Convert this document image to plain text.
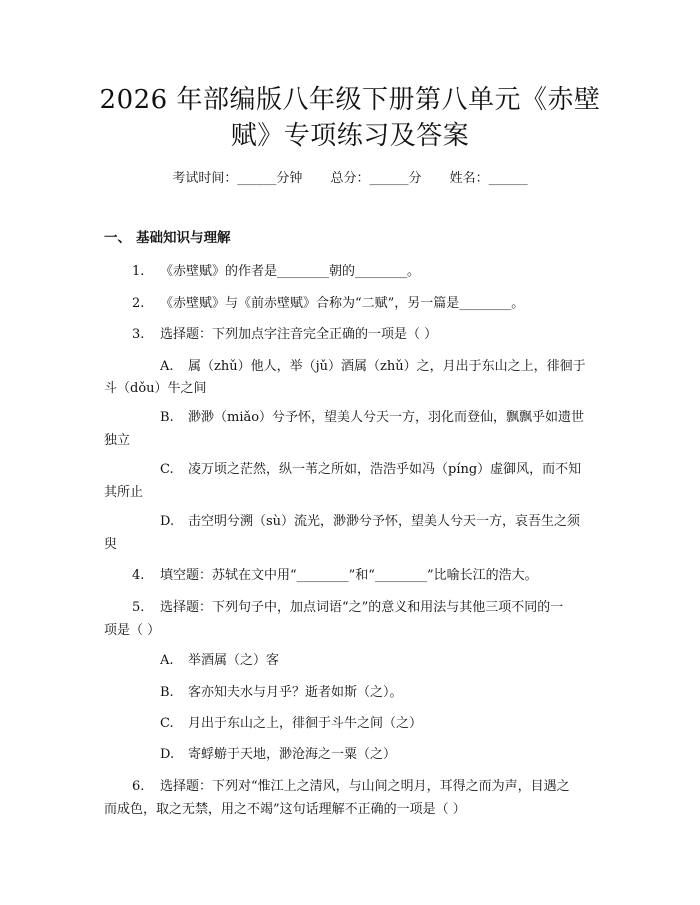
2026 年部编版八年级下册第八单元《赤壁
赋》专项练习及答案
考试时间：______分钟 总分：______分 姓名：______
一、 基础知识与理解
1. 《赤壁赋》的作者是________朝的________。
2. 《赤壁赋》与《前赤壁赋》合称为“二赋”，另一篇是________。
3. 选择题：下列加点字注音完全正确的一项是（ ）
A. 属（zhǔ）他人，举（jǔ）酒属（zhǔ）之，月出于东山之上，徘徊于
斗（dǒu）牛之间
B. 渺渺（miǎo）兮予怀，望美人兮天一方，羽化而登仙，飘飘乎如遗世
独立
C. 凌万顷之茫然，纵一苇之所如，浩浩乎如冯（píng）虚御风，而不知
其所止
D. 击空明兮溯（sù）流光，渺渺兮予怀，望美人兮天一方，哀吾生之须
臾
4. 填空题：苏轼在文中用“________”和“________”比喻长江的浩大。
5. 选择题：下列句子中，加点词语“之”的意义和用法与其他三项不同的一
项是（ ）
A. 举酒属（之）客
B. 客亦知夫水与月乎？逝者如斯（之）。
C. 月出于东山之上，徘徊于斗牛之间（之）
D. 寄蜉蝣于天地，渺沧海之一粟（之）
6. 选择题：下列对“惟江上之清风，与山间之明月，耳得之而为声，目遇之
而成色，取之无禁，用之不竭”这句话理解不正确的一项是（ ）
